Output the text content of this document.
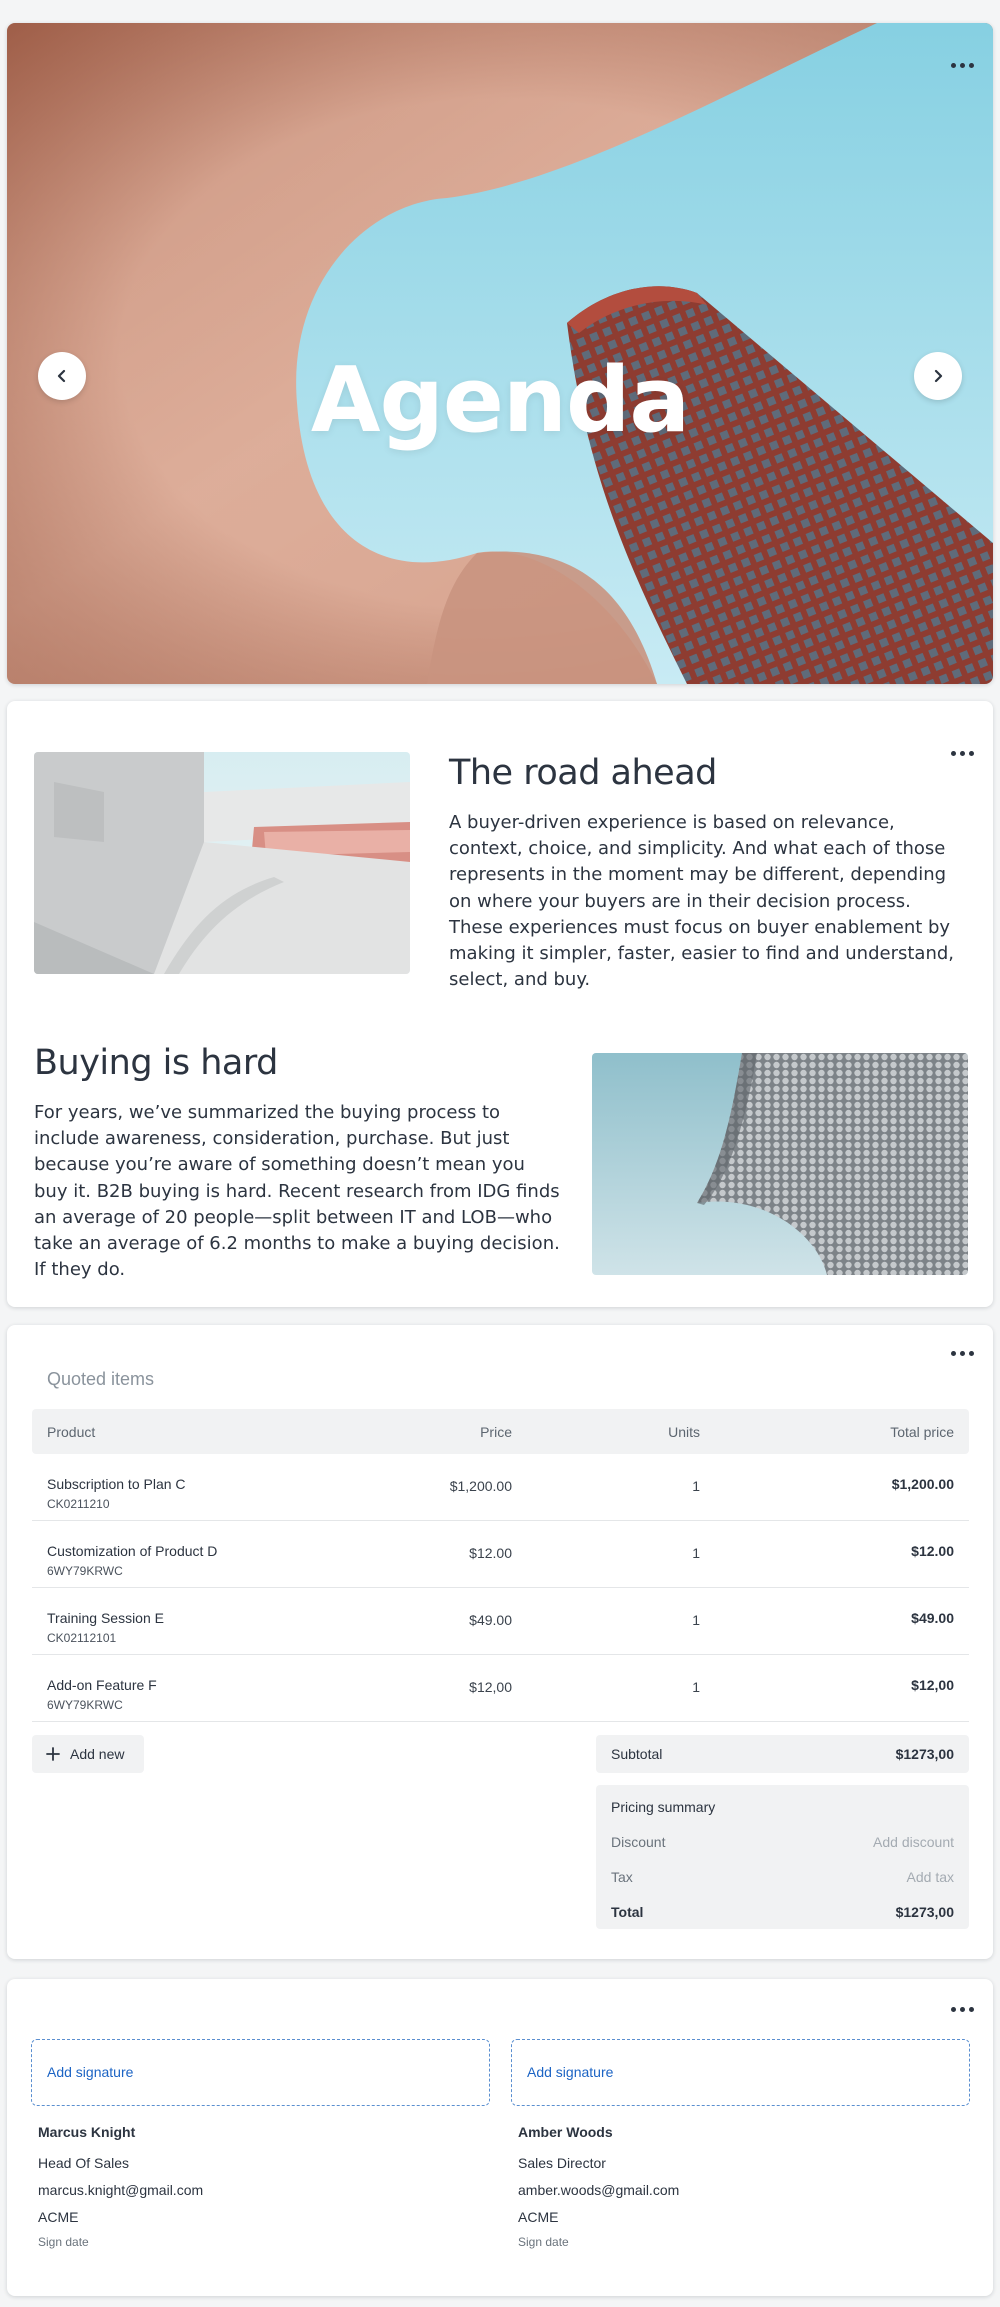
Agenda
The road ahead
A buyer-driven experience is based on relevance, context, choice, and simplicity. And what each of those represents in the moment may be different, depending on where your buyers are in their decision process. These experiences must focus on buyer enablement by making it simpler, faster, easier to find and understand, select, and buy.
Buying is hard
For years, we’ve summarized the buying process to include awareness, consideration, purchase. But just because you’re aware of something doesn’t mean you buy it. B2B buying is hard. Recent research from IDG finds an average of 20 people—split between IT and LOB—who take an average of 6.2 months to make a buying decision. If they do.
Quoted items
Product	Price	Units	Total price
Subscription to Plan C
CK0211210
$1,200.00	1	$1,200.00
Customization of Product D
6WY79KRWC
$12.00	1	$12.00
Training Session E
CK02112101
$49.00	1	$49.00
Add-on Feature F
6WY79KRWC
$12,00	1	$12,00
Add new	Subtotal	$1273,00
Pricing summary
Discount	Add discount
Tax	Add tax
Total	$1273,00
Add signature	Add signature
Marcus Knight
Head Of Sales
marcus.knight@gmail.com
ACME
Sign date
Amber Woods
Sales Director
amber.woods@gmail.com
ACME
Sign date
